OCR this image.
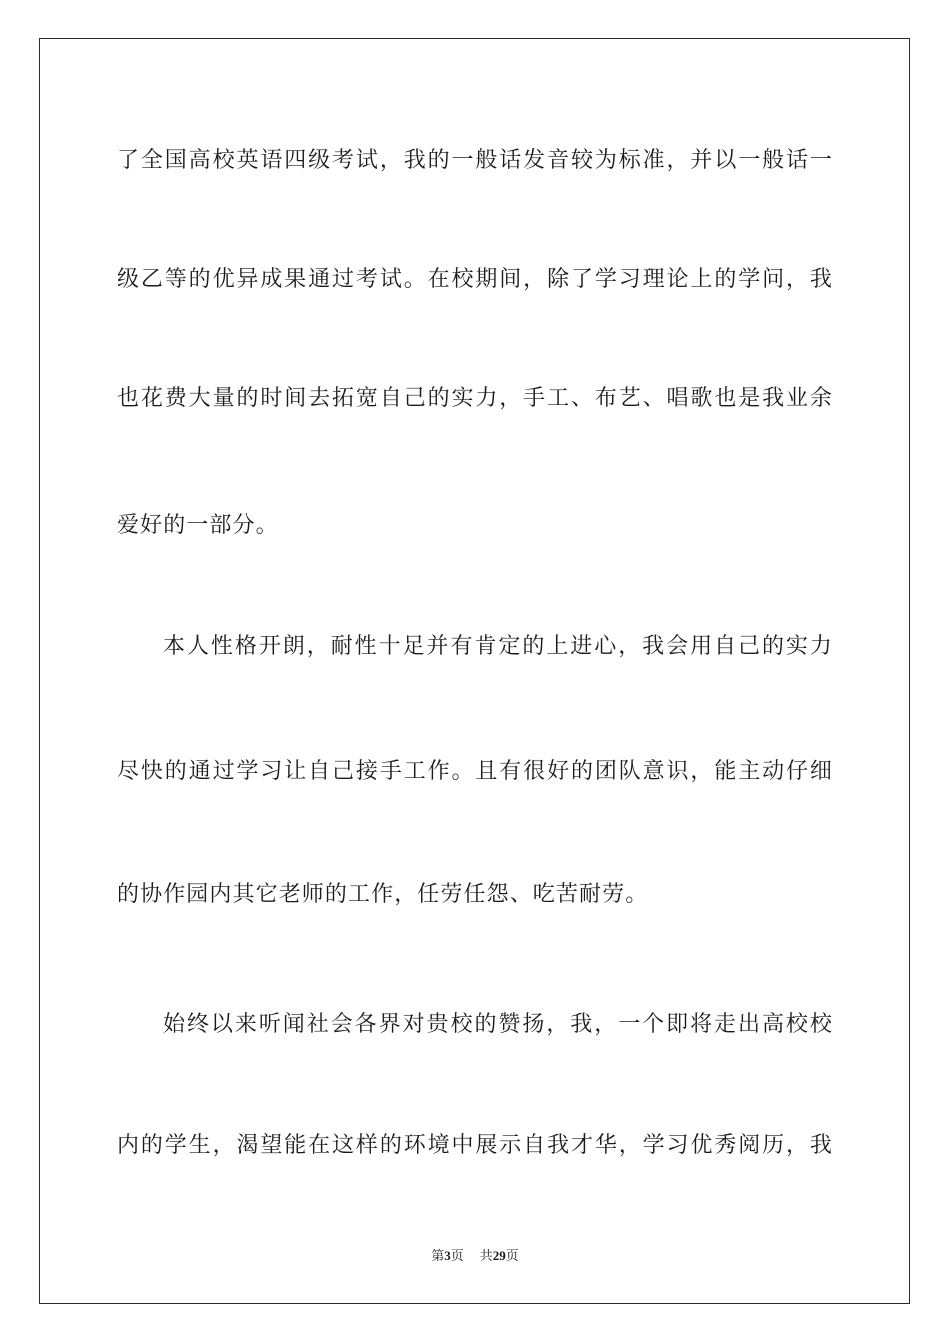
了全国高校英语四级考试，我的一般话发音较为标准，并以一般话一
级乙等的优异成果通过考试。在校期间，除了学习理论上的学问，我
也花费大量的时间去拓宽自己的实力，手工、布艺、唱歌也是我业余
爱好的一部分。
本人性格开朗，耐性十足并有肯定的上进心，我会用自己的实力
尽快的通过学习让自己接手工作。且有很好的团队意识，能主动仔细
的协作园内其它老师的工作，任劳任怨、吃苦耐劳。
始终以来听闻社会各界对贵校的赞扬，我，一个即将走出高校校
内的学生，渴望能在这样的环境中展示自我才华，学习优秀阅历，我
第3页 共29页
